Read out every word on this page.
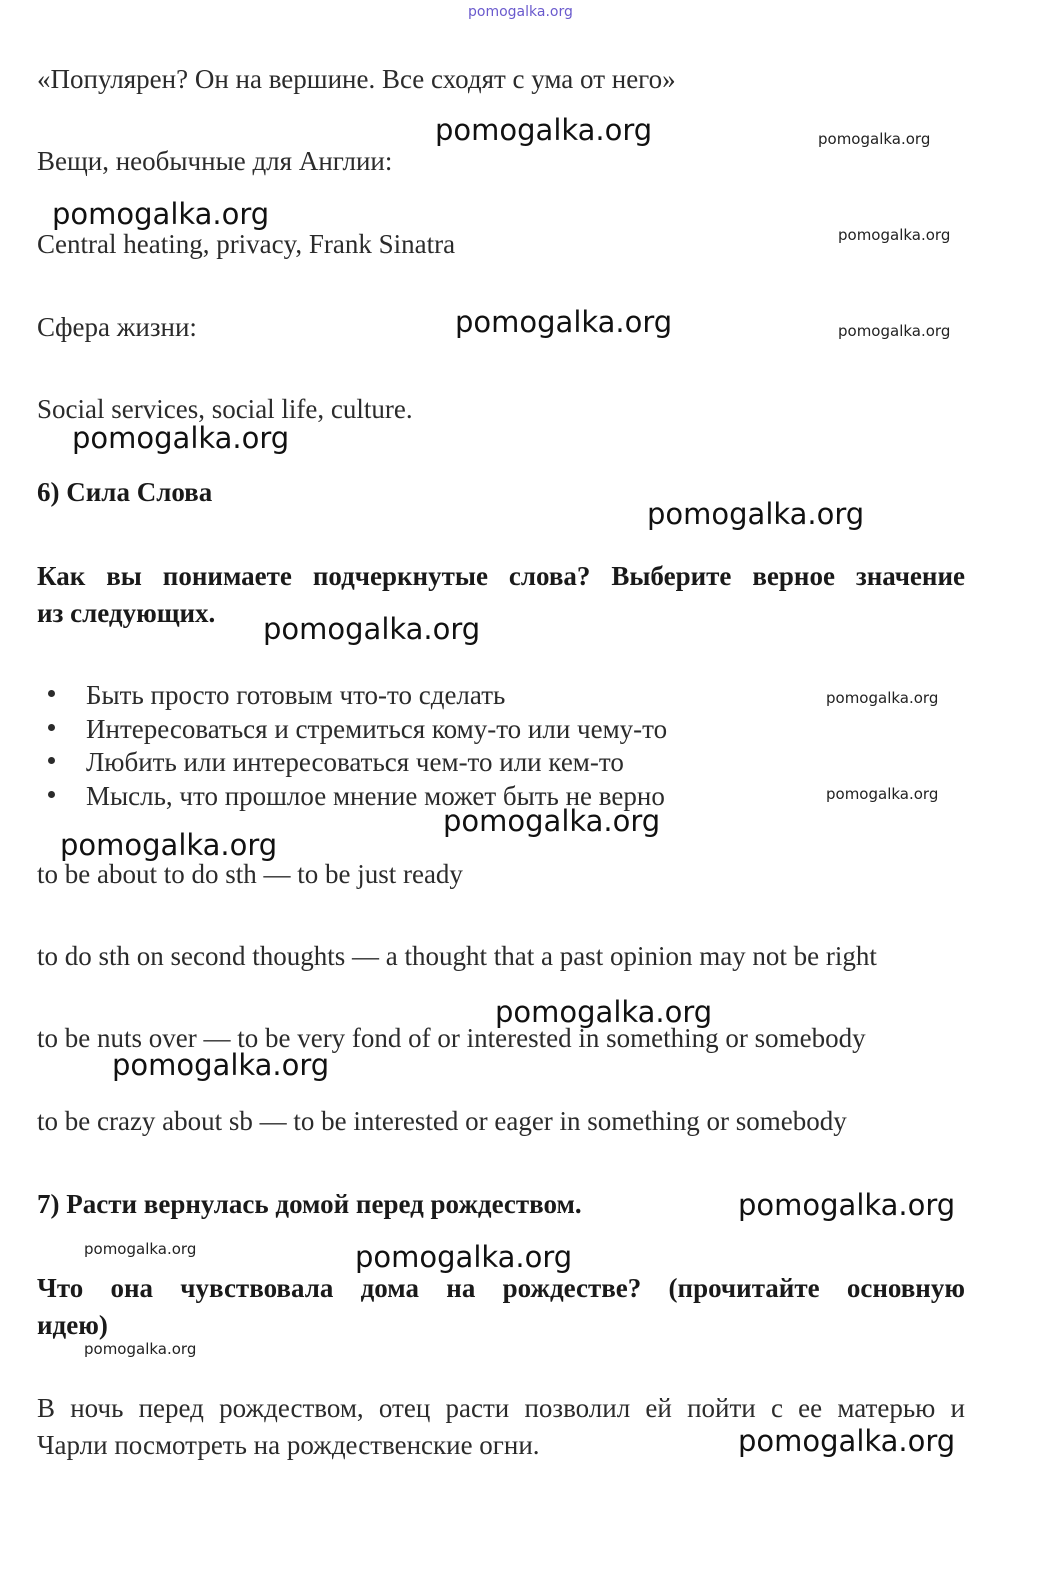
pomogalka.org
«Популярен? Он на вершине. Все сходят с ума от него»
Вещи, необычные для Англии:
Central heating, privacy, Frank Sinatra
Сфера жизни:
Social services, social life, culture.
6) Сила Слова
Как вы понимаете подчеркнутые слова? Выберите верное значение
из следующих.
Быть просто готовым что-то сделать
Интересоваться и стремиться кому-то или чему-то
Любить или интересоваться чем-то или кем-то
Мысль, что прошлое мнение может быть не верно
to be about to do sth — to be just ready
to do sth on second thoughts — a thought that a past opinion may not be right
to be nuts over — to be very fond of or interested in something or somebody
to be crazy about sb — to be interested or eager in something or somebody
7) Расти вернулась домой перед рождеством.
Что она чувствовала дома на рождестве? (прочитайте основную
идею)
В ночь перед рождеством, отец расти позволил ей пойти с ее матерью и
Чарли посмотреть на рождественские огни.
pomogalka.org
pomogalka.org
pomogalka.org
pomogalka.org
pomogalka.org
pomogalka.org
pomogalka.org
pomogalka.org
pomogalka.org
pomogalka.org
pomogalka.org
pomogalka.org
pomogalka.org
pomogalka.org
pomogalka.org
pomogalka.org
pomogalka.org
pomogalka.org
pomogalka.org
pomogalka.org
